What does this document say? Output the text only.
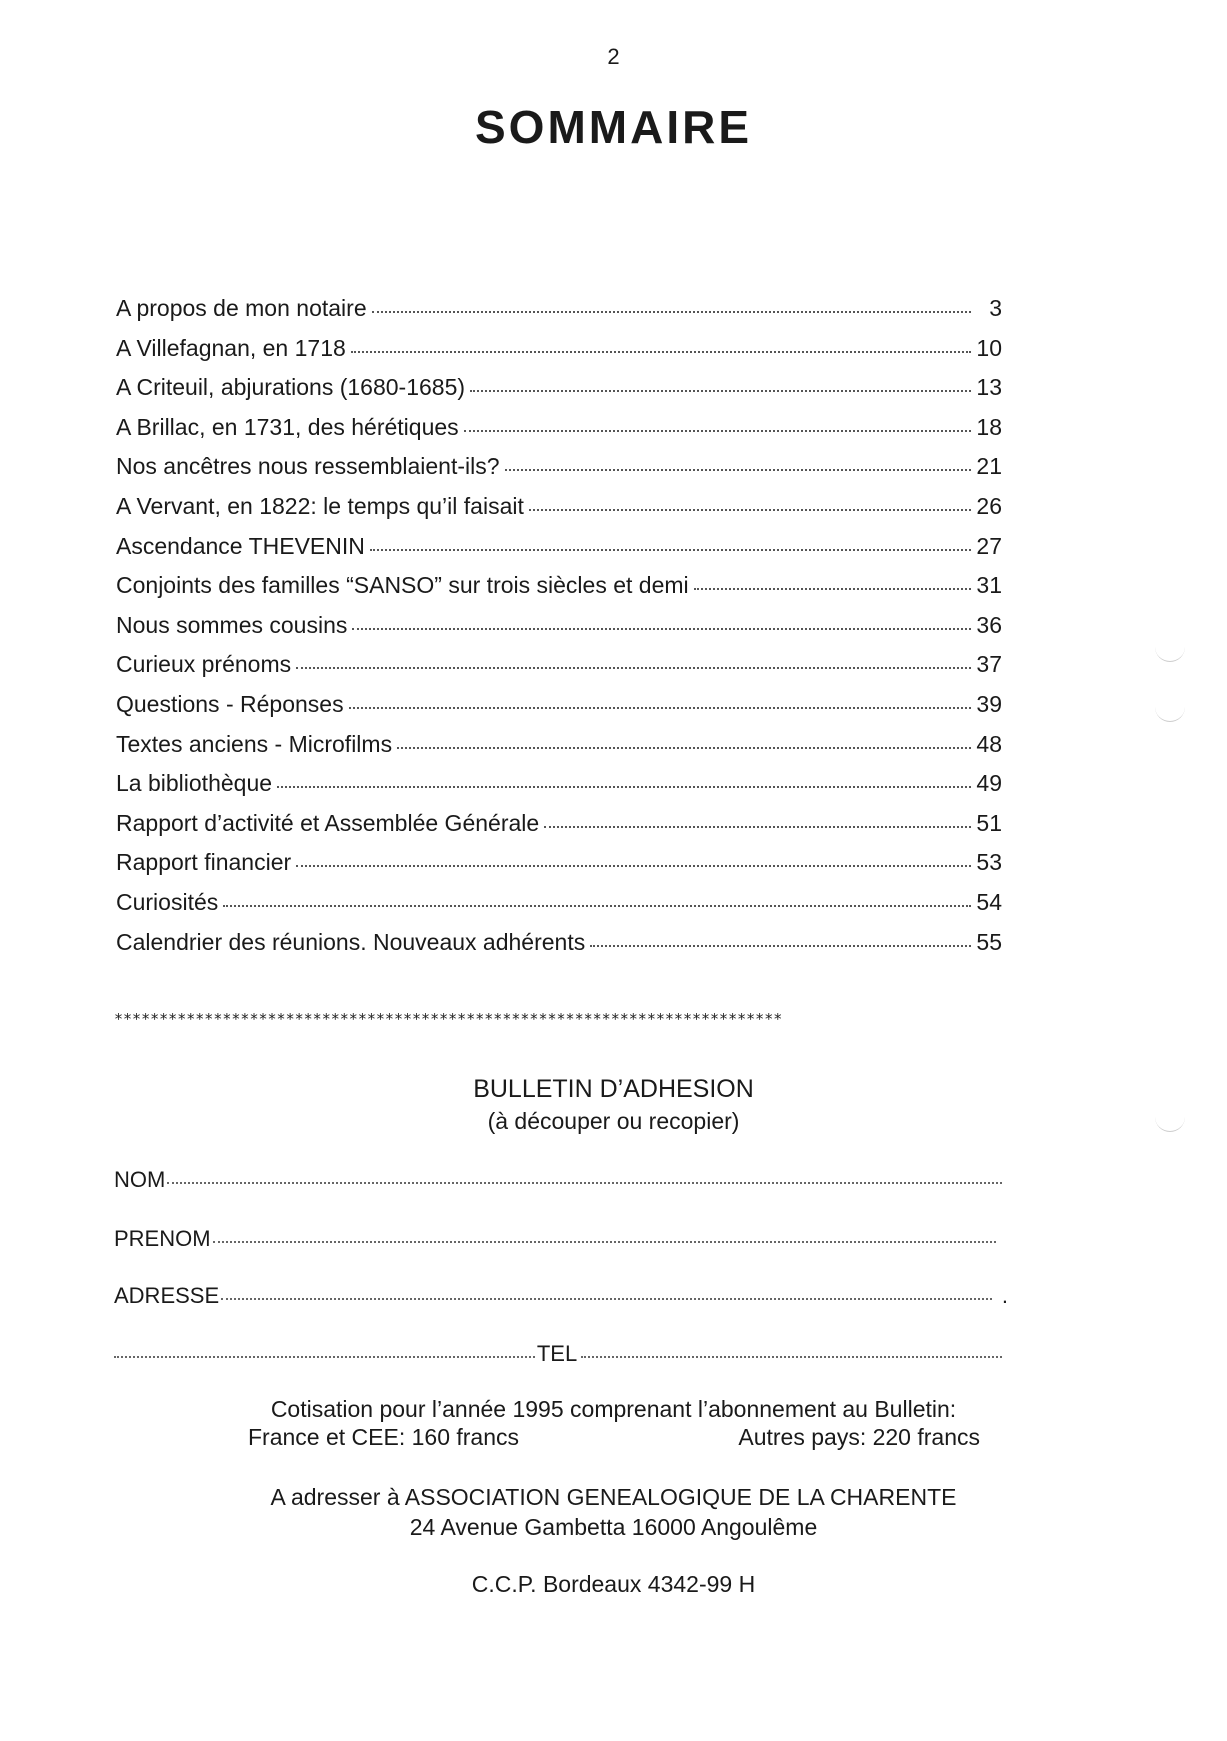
2
SOMMAIRE
A propos de mon notaire	3
A Villefagnan, en 1718	10
A Criteuil, abjurations (1680-1685)	13
A Brillac, en 1731, des hérétiques	18
Nos ancêtres nous ressemblaient-ils?	21
A Vervant, en 1822: le temps qu’il faisait	26
Ascendance THEVENIN	27
Conjoints des familles “SANSO” sur trois siècles et demi	31
Nous sommes cousins	36
Curieux prénoms	37
Questions - Réponses	39
Textes anciens - Microfilms	48
La bibliothèque	49
Rapport d’activité et Assemblée Générale	51
Rapport financier	53
Curiosités	54
Calendrier des réunions. Nouveaux adhérents	55
**************************************************************************
BULLETIN D’ADHESION
(à découper ou recopier)
NOM
PRENOM
ADRESSE	.
TEL
Cotisation pour l’année 1995 comprenant l’abonnement au Bulletin:
France et CEE: 160 francs	Autres pays: 220 francs
A adresser à ASSOCIATION GENEALOGIQUE DE LA CHARENTE
24 Avenue Gambetta 16000 Angoulême
C.C.P. Bordeaux 4342-99 H
